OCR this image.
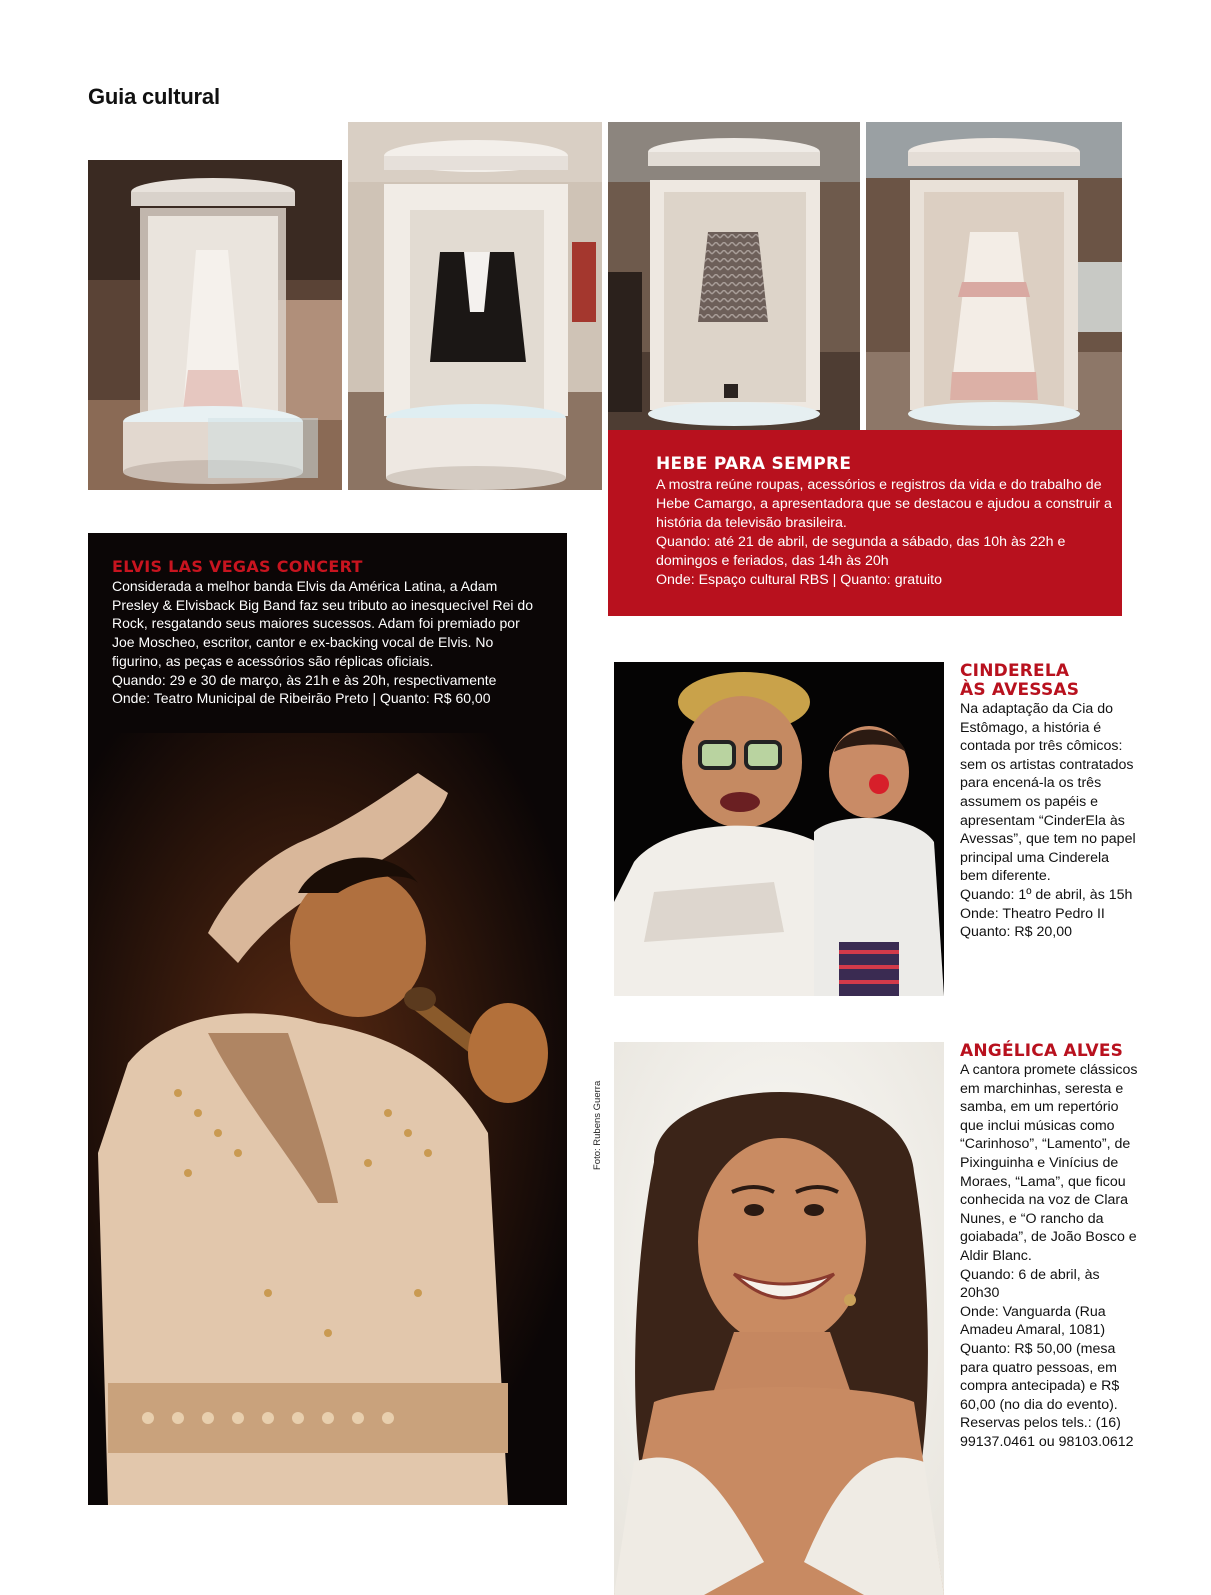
Guia cultural
HEBE PARA SEMPRE

A mostra reúne roupas, acessórios e registros da vida e do trabalho de Hebe Camargo, a apresentadora que se destacou e ajudou a construir a história da televisão brasileira.

Quando: até 21 de abril, de segunda a sábado, das 10h às 22h e domingos e feriados, das 14h às 20h

Onde: Espaço cultural RBS | Quanto: gratuito

ELVIS LAS VEGAS CONCERT

Considerada a melhor banda Elvis da América Latina, a Adam Presley & Elvisback Big Band faz seu tributo ao inesquecível Rei do Rock, resgatando seus maiores sucessos. Adam foi premiado por Joe Moscheo, escritor, cantor e ex-backing vocal de Elvis. No figurino, as peças e acessórios são réplicas oficiais.

Quando: 29 e 30 de março, às 21h e às 20h, respectivamente

Onde: Teatro Municipal de Ribeirão Preto | Quanto: R$ 60,00

Foto: Rubens Guerra
CINDERELA
ÀS AVESSAS

Na adaptação da Cia do Estômago, a história é contada por três cômicos: sem os artistas contratados para encená-la os três assumem os papéis e apresentam “CinderEla às Avessas”, que tem no papel principal uma Cinderela bem diferente.

Quando: 1º de abril, às 15h

Onde: Theatro Pedro II

Quanto: R$ 20,00

ANGÉLICA ALVES

A cantora promete clássicos em marchinhas, seresta e samba, em um repertório que inclui músicas como “Carinhoso”, “Lamento”, de Pixinguinha e Vinícius de Moraes, “Lama”, que ficou conhecida na voz de Clara Nunes, e “O rancho da goiabada”, de João Bosco e Aldir Blanc.

Quando: 6 de abril, às 20h30

Onde: Vanguarda (Rua Amadeu Amaral, 1081)

Quanto: R$ 50,00 (mesa para quatro pessoas, em compra antecipada) e R$ 60,00 (no dia do evento). Reservas pelos tels.: (16) 99137.0461 ou 98103.0612
